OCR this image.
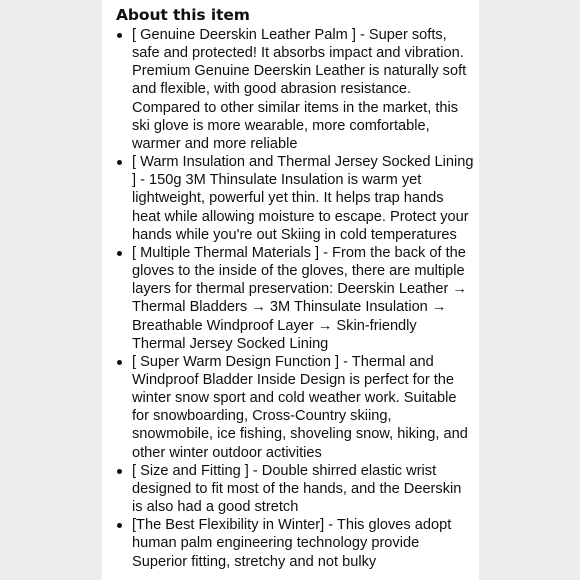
About this item
[ Genuine Deerskin Leather Palm ] - Super softs, safe and protected! It absorbs impact and vibration. Premium Genuine Deerskin Leather is naturally soft and flexible, with good abrasion resistance. Compared to other similar items in the market, this ski glove is more wearable, more comfortable, warmer and more reliable
[ Warm Insulation and Thermal Jersey Socked Lining ] - 150g 3M Thinsulate Insulation is warm yet lightweight, powerful yet thin. It helps trap hands heat while allowing moisture to escape. Protect your hands while you're out Skiing in cold temperatures
[ Multiple Thermal Materials ] - From the back of the gloves to the inside of the gloves, there are multiple layers for thermal preservation: Deerskin Leather → Thermal Bladders → 3M Thinsulate Insulation → Breathable Windproof Layer → Skin-friendly Thermal Jersey Socked Lining
[ Super Warm Design Function ] - Thermal and Windproof Bladder Inside Design is perfect for the winter snow sport and cold weather work. Suitable for snowboarding, Cross-Country skiing, snowmobile, ice fishing, shoveling snow, hiking, and other winter outdoor activities
[ Size and Fitting ] - Double shirred elastic wrist designed to fit most of the hands, and the Deerskin is also had a good stretch
[The Best Flexibility in Winter] - This gloves adopt human palm engineering technology provide Superior fitting, stretchy and not bulky
